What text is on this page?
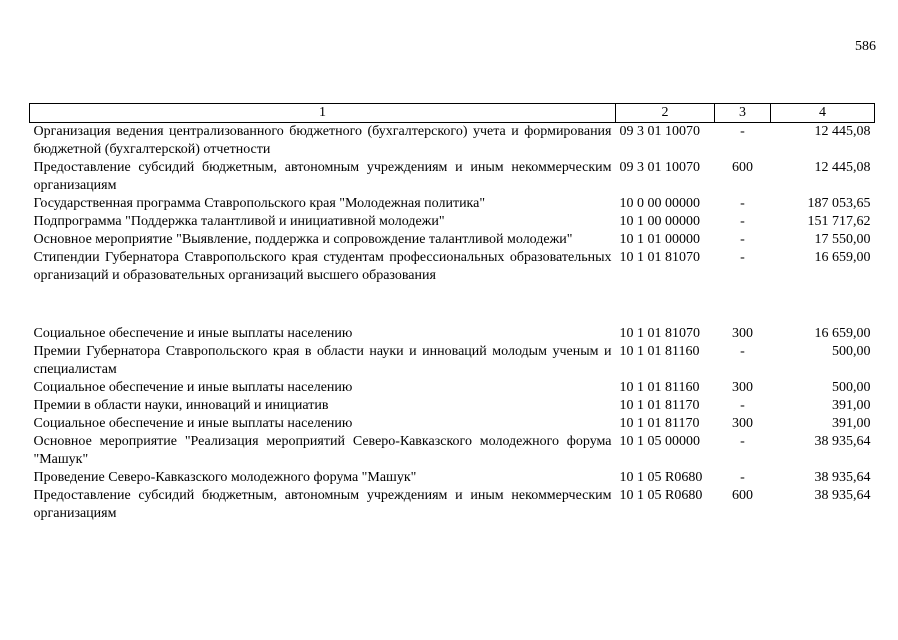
586
1	2	3	4
Организация ведения централизованного бюджетного (бухгалтерского) учета и формирования бюджетной (бухгалтерской) отчетности	09 3 01 10070	-	12 445,08
Предоставление субсидий бюджетным, автономным учреждениям и иным некоммерческим организациям	09 3 01 10070	600	12 445,08
Государственная программа Ставропольского края "Молодежная политика"	10 0 00 00000	-	187 053,65
Подпрограмма "Поддержка талантливой и инициативной молодежи"	10 1 00 00000	-	151 717,62
Основное мероприятие "Выявление, поддержка и сопровождение талантливой молодежи"	10 1 01 00000	-	17 550,00
Стипендии Губернатора Ставропольского края студентам профессиональных образовательных организаций и образовательных организаций высшего образования	10 1 01 81070	-	16 659,00

Социальное обеспечение и иные выплаты населению	10 1 01 81070	300	16 659,00
Премии Губернатора Ставропольского края в области науки и инноваций молодым ученым и специалистам	10 1 01 81160	-	500,00
Социальное обеспечение и иные выплаты населению	10 1 01 81160	300	500,00
Премии в области науки, инноваций и инициатив	10 1 01 81170	-	391,00
Социальное обеспечение и иные выплаты населению	10 1 01 81170	300	391,00
Основное мероприятие "Реализация мероприятий Северо-Кавказского молодежного форума "Машук"	10 1 05 00000	-	38 935,64
Проведение Северо-Кавказского молодежного форума "Машук"	10 1 05 R0680	-	38 935,64
Предоставление субсидий бюджетным, автономным учреждениям и иным некоммерческим организациям	10 1 05 R0680	600	38 935,64
